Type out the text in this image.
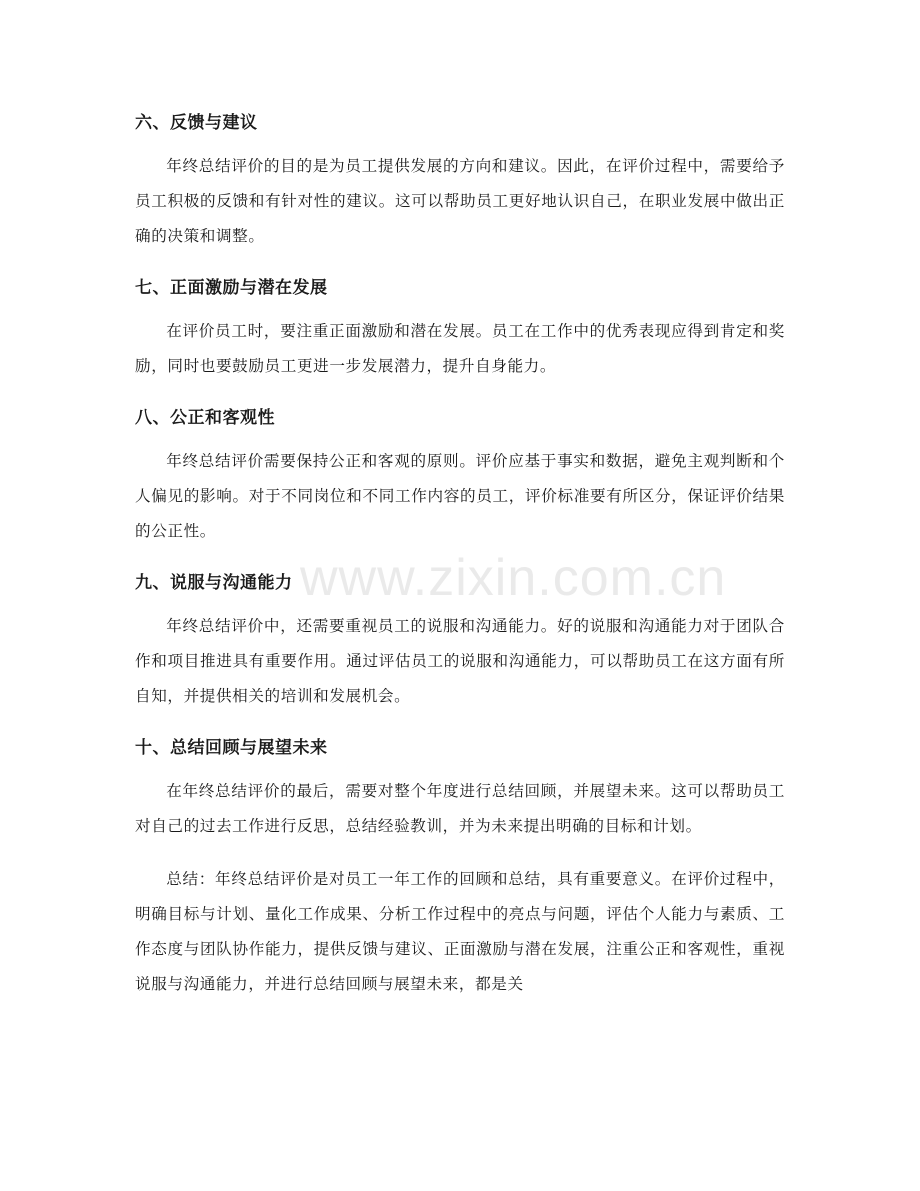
六、反馈与建议

年终总结评价的目的是为员工提供发展的方向和建议。因此，在评价过程中，需要给予员工积极的反馈和有针对性的建议。这可以帮助员工更好地认识自己，在职业发展中做出正确的决策和调整。

七、正面激励与潜在发展

在评价员工时，要注重正面激励和潜在发展。员工在工作中的优秀表现应得到肯定和奖励，同时也要鼓励员工更进一步发展潜力，提升自身能力。

八、公正和客观性

年终总结评价需要保持公正和客观的原则。评价应基于事实和数据，避免主观判断和个人偏见的影响。对于不同岗位和不同工作内容的员工，评价标准要有所区分，保证评价结果的公正性。

九、说服与沟通能力

年终总结评价中，还需要重视员工的说服和沟通能力。好的说服和沟通能力对于团队合作和项目推进具有重要作用。通过评估员工的说服和沟通能力，可以帮助员工在这方面有所自知，并提供相关的培训和发展机会。

十、总结回顾与展望未来

在年终总结评价的最后，需要对整个年度进行总结回顾，并展望未来。这可以帮助员工对自己的过去工作进行反思，总结经验教训，并为未来提出明确的目标和计划。

总结：年终总结评价是对员工一年工作的回顾和总结，具有重要意义。在评价过程中，明确目标与计划、量化工作成果、分析工作过程中的亮点与问题，评估个人能力与素质、工作态度与团队协作能力，提供反馈与建议、正面激励与潜在发展，注重公正和客观性，重视说服与沟通能力，并进行总结回顾与展望未来，都是关

www.zixin.com.cn
